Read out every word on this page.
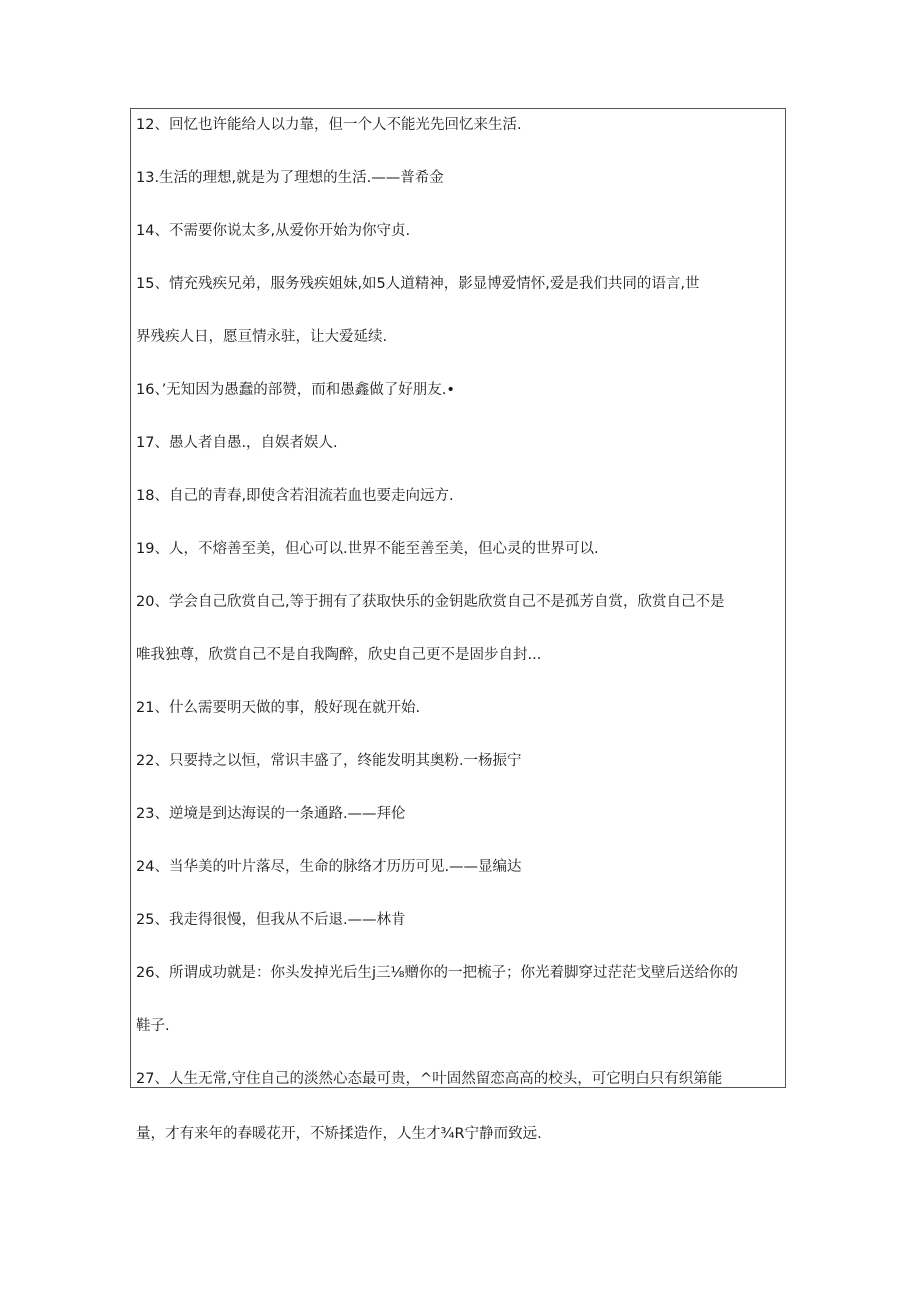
12、回忆也许能给人以力靠，但一个人不能光先回忆来生活.
13.生活的理想,就是为了理想的生活.——普希金
14、不需要你说太多,从爱你开始为你守贞.
15、情充残疾兄弟，服务残疾姐妹,如5人道精神，影显博爱情怀,爱是我们共同的语言,世
界残疾人日，愿亘情永驻，让大爱延续.
16、’无知因为愚蠢的部赞，而和愚鑫做了好朋友.•
17、愚人者自愚.，自娱者娱人.
18、自己的青春,即使含若泪流若血也要走向远方.
19、人，不熔善至美，但心可以.世界不能至善至美，但心灵的世界可以.
20、学会自己欣赏自己,等于拥有了获取快乐的金钥匙欣赏自己不是孤芳自赏，欣赏自己不是
唯我独尊，欣赏自己不是自我陶醉，欣史自己更不是固步自封...
21、什么需要明天做的事，般好现在就开始.
22、只要持之以恒，常识丰盛了，终能发明其奥粉.一杨振宁
23、逆境是到达海误的一条通路.——拜伦
24、当华美的叶片落尽，生命的脉络才历历可见.——显编达
25、我走得很慢，但我从不后退.——林肯
26、所谓成功就是：你头发掉光后生j三⅛赠你的一把梳子；你光着脚穿过茫茫戈壁后送给你的
鞋子.
27、人生无常,守住自己的淡然心态最可贵，^叶固然留恋高高的校头，可它明白只有织第能
量，才有来年的春暖花开，不矫揉造作，人生才¾R宁静而致远.
